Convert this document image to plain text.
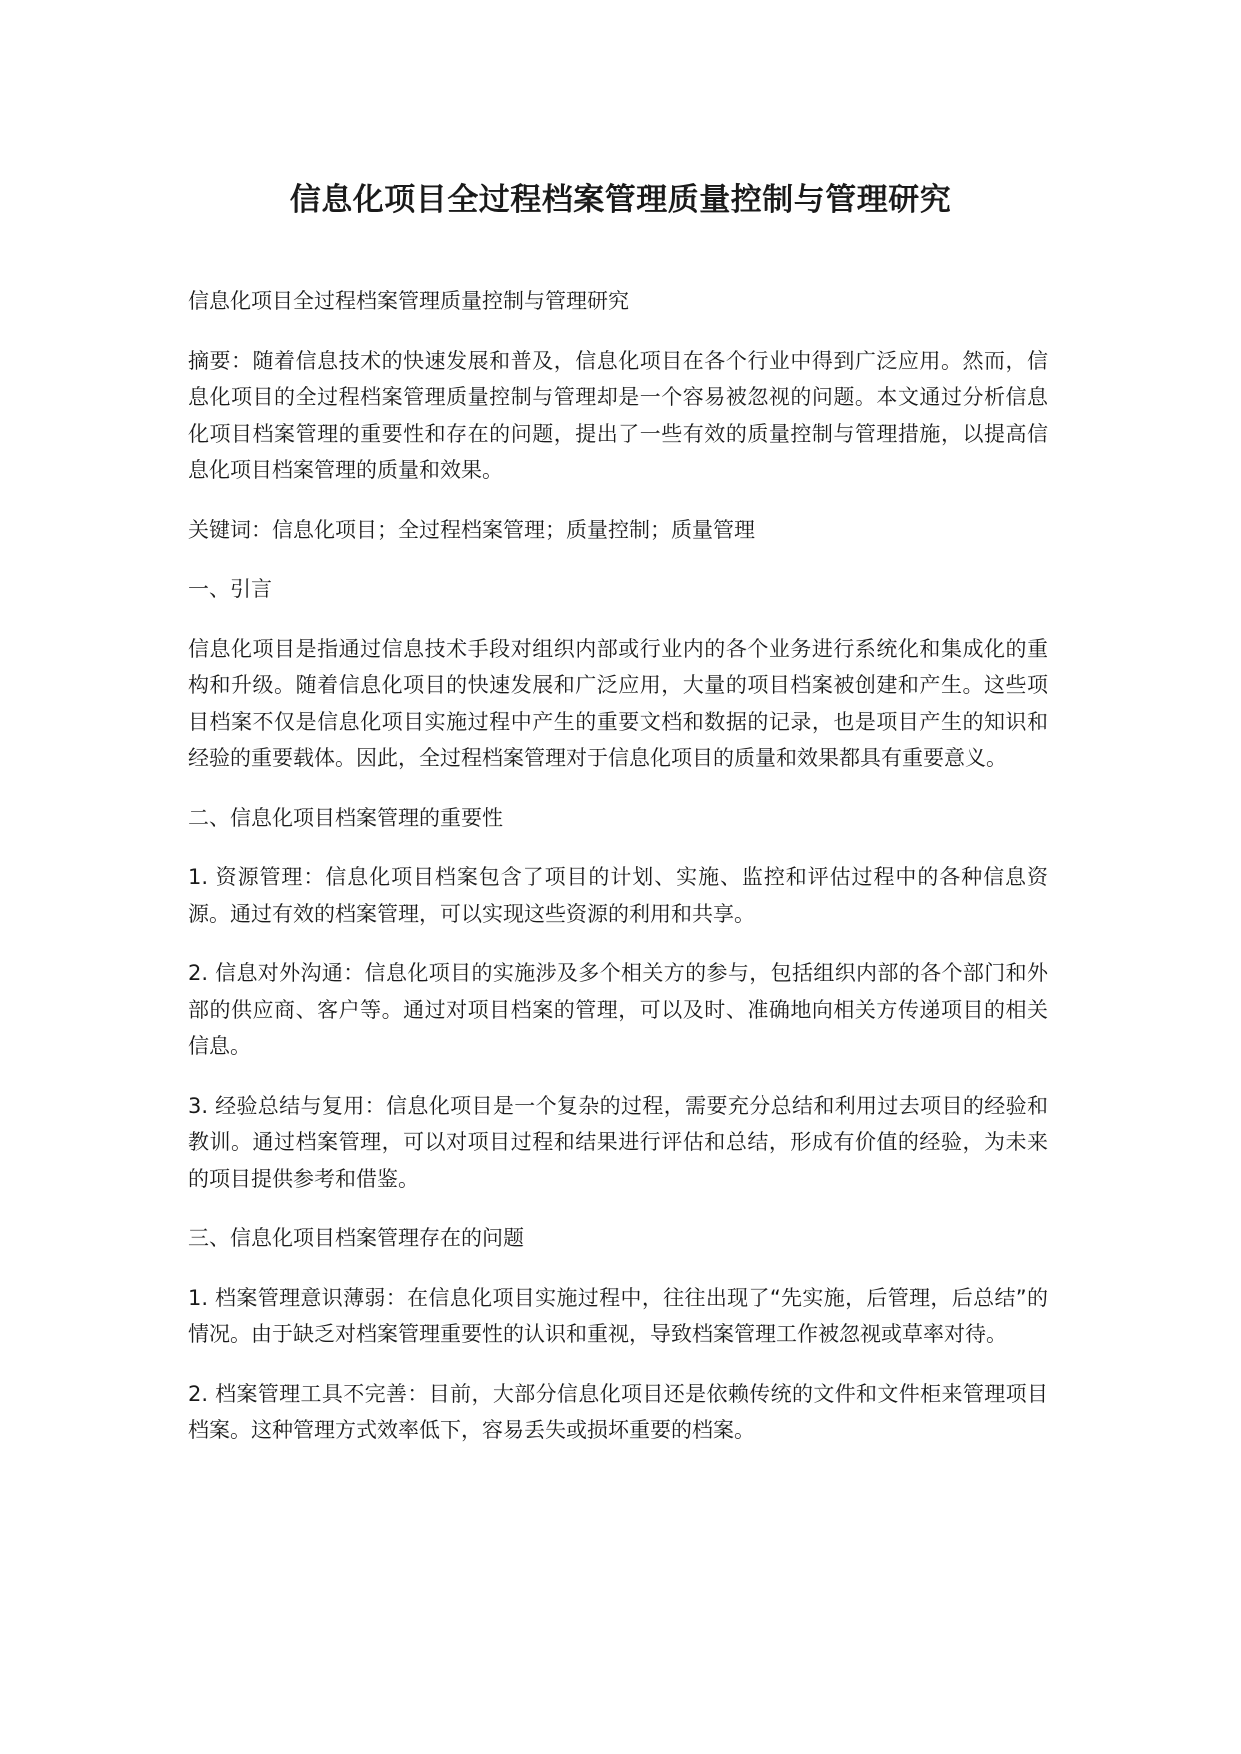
信息化项目全过程档案管理质量控制与管理研究

信息化项目全过程档案管理质量控制与管理研究

摘要：随着信息技术的快速发展和普及，信息化项目在各个行业中得到广泛应用。然而，信息化项目的全过程档案管理质量控制与管理却是一个容易被忽视的问题。本文通过分析信息化项目档案管理的重要性和存在的问题，提出了一些有效的质量控制与管理措施，以提高信息化项目档案管理的质量和效果。

关键词：信息化项目；全过程档案管理；质量控制；质量管理

一、引言

信息化项目是指通过信息技术手段对组织内部或行业内的各个业务进行系统化和集成化的重构和升级。随着信息化项目的快速发展和广泛应用，大量的项目档案被创建和产生。这些项目档案不仅是信息化项目实施过程中产生的重要文档和数据的记录，也是项目产生的知识和经验的重要载体。因此，全过程档案管理对于信息化项目的质量和效果都具有重要意义。

二、信息化项目档案管理的重要性

1. 资源管理：信息化项目档案包含了项目的计划、实施、监控和评估过程中的各种信息资源。通过有效的档案管理，可以实现这些资源的利用和共享。

2. 信息对外沟通：信息化项目的实施涉及多个相关方的参与，包括组织内部的各个部门和外部的供应商、客户等。通过对项目档案的管理，可以及时、准确地向相关方传递项目的相关信息。

3. 经验总结与复用：信息化项目是一个复杂的过程，需要充分总结和利用过去项目的经验和教训。通过档案管理，可以对项目过程和结果进行评估和总结，形成有价值的经验，为未来的项目提供参考和借鉴。

三、信息化项目档案管理存在的问题

1. 档案管理意识薄弱：在信息化项目实施过程中，往往出现了“先实施，后管理，后总结”的情况。由于缺乏对档案管理重要性的认识和重视，导致档案管理工作被忽视或草率对待。

2. 档案管理工具不完善：目前，大部分信息化项目还是依赖传统的文件和文件柜来管理项目档案。这种管理方式效率低下，容易丢失或损坏重要的档案。
